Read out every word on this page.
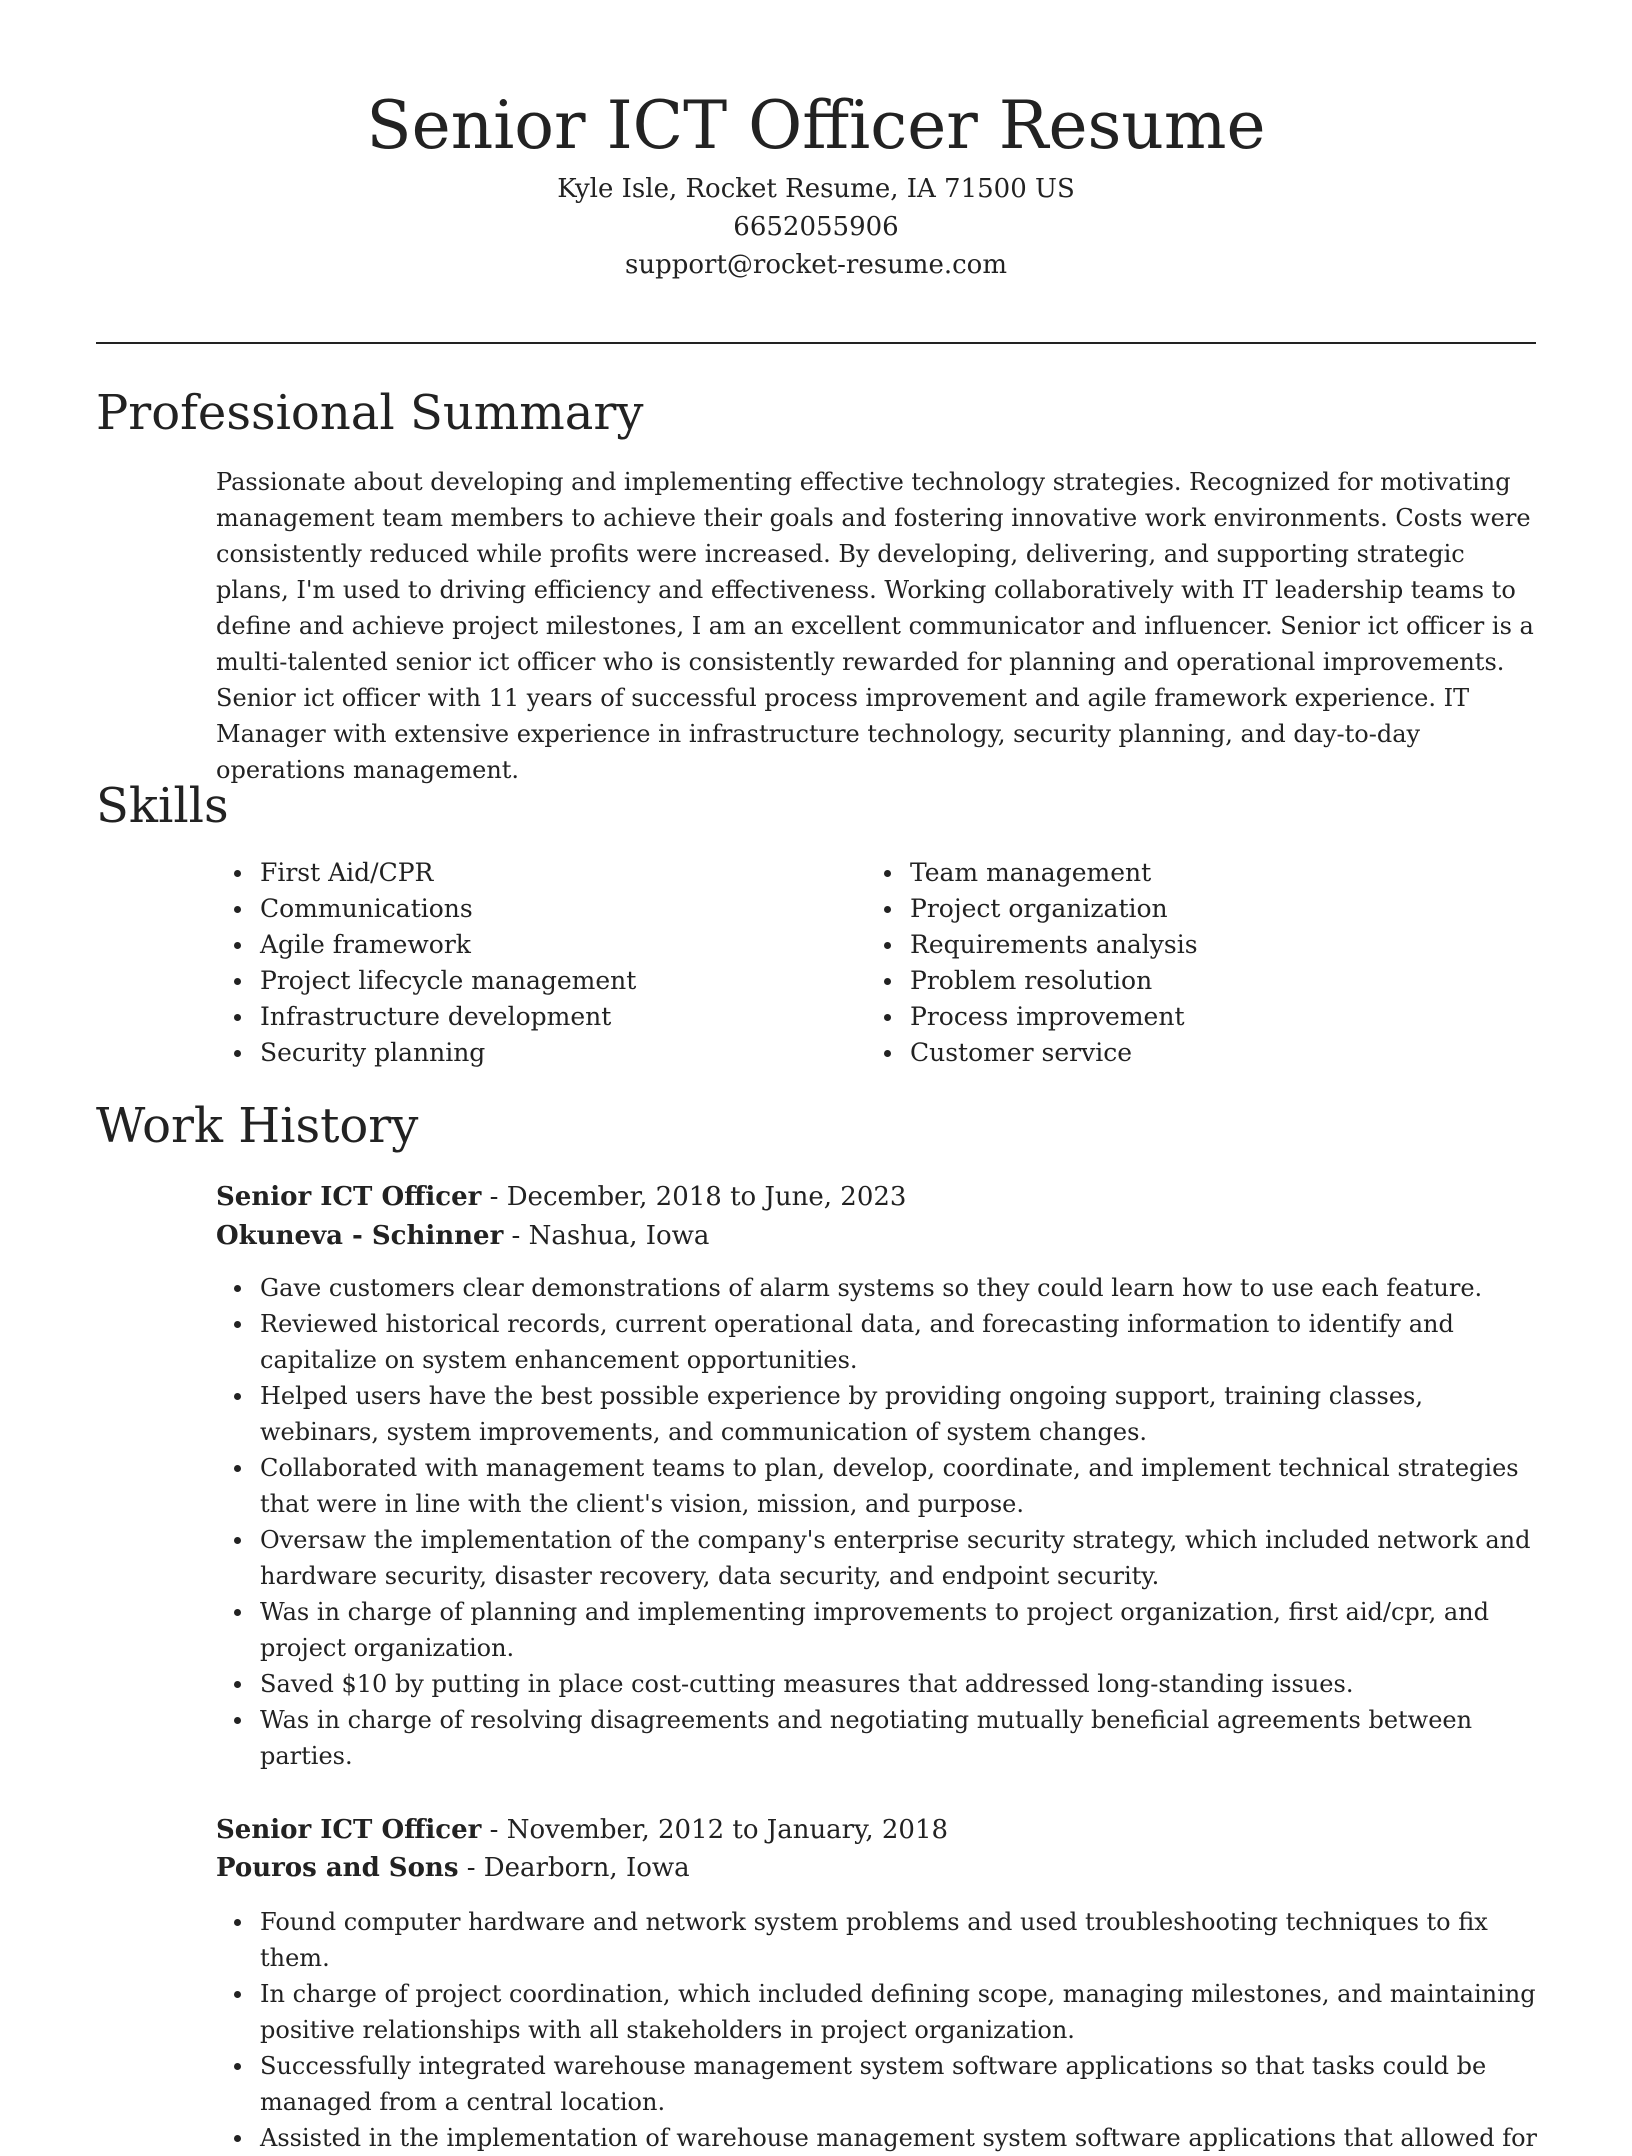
Senior ICT Officer Resume

Kyle Isle, Rocket Resume, IA 71500 US

6652055906

support@rocket-resume.com

Professional Summary

Passionate about developing and implementing effective technology strategies. Recognized for motivating management team members to achieve their goals and fostering innovative work environments. Costs were consistently reduced while profits were increased. By developing, delivering, and supporting strategic plans, I'm used to driving efficiency and effectiveness. Working collaboratively with IT leadership teams to define and achieve project milestones, I am an excellent communicator and influencer. Senior ict officer is a multi-talented senior ict officer who is consistently rewarded for planning and operational improvements. Senior ict officer with 11 years of successful process improvement and agile framework experience. IT Manager with extensive experience in infrastructure technology, security planning, and day-to-day operations management.

Skills
First Aid/CPR
Communications
Agile framework
Project lifecycle management
Infrastructure development
Security planning
Team management
Project organization
Requirements analysis
Problem resolution
Process improvement
Customer service
Work History

Senior ICT Officer - December, 2018 to June, 2023

Okuneva - Schinner - Nashua, Iowa

Gave customers clear demonstrations of alarm systems so they could learn how to use each feature.
Reviewed historical records, current operational data, and forecasting information to identify and capitalize on system enhancement opportunities.
Helped users have the best possible experience by providing ongoing support, training classes, webinars, system improvements, and communication of system changes.
Collaborated with management teams to plan, develop, coordinate, and implement technical strategies that were in line with the client's vision, mission, and purpose.
Oversaw the implementation of the company's enterprise security strategy, which included network and hardware security, disaster recovery, data security, and endpoint security.
Was in charge of planning and implementing improvements to project organization, first aid/cpr, and project organization.
Saved $10 by putting in place cost-cutting measures that addressed long-standing issues.
Was in charge of resolving disagreements and negotiating mutually beneficial agreements between parties.

Senior ICT Officer - November, 2012 to January, 2018

Pouros and Sons - Dearborn, Iowa

Found computer hardware and network system problems and used troubleshooting techniques to fix them.
In charge of project coordination, which included defining scope, managing milestones, and maintaining positive relationships with all stakeholders in project organization.
Successfully integrated warehouse management system software applications so that tasks could be managed from a central location.
Assisted in the implementation of warehouse management system software applications that allowed for
